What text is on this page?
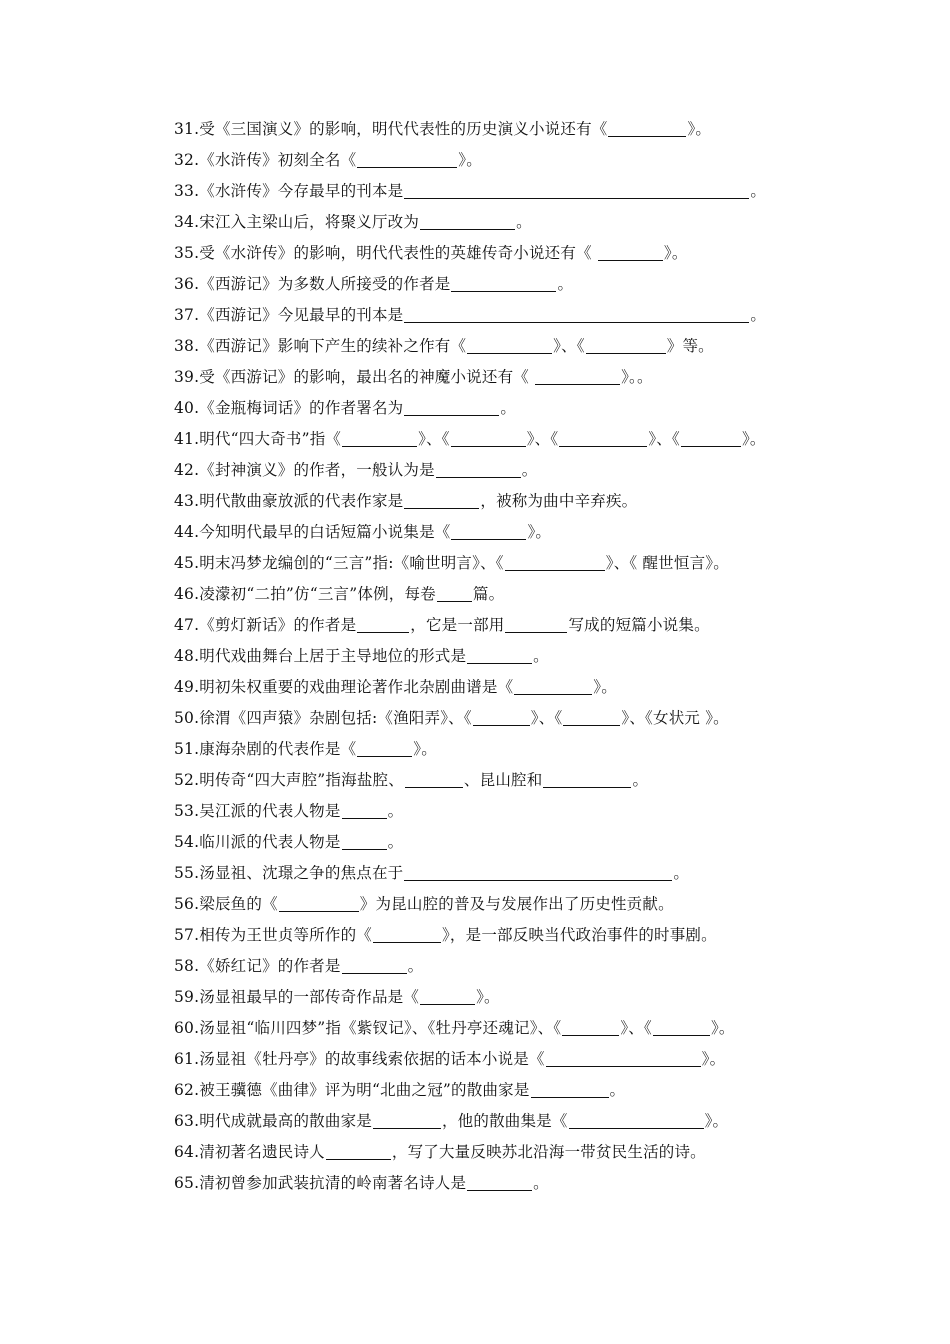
31.受《三国演义》的影响，明代代表性的历史演义小说还有《	》。
32.《水浒传》初刻全名《	》。
33.《水浒传》今存最早的刊本是	。
34.宋江入主梁山后，将聚义厅改为	。
35.受《水浒传》的影响，明代代表性的英雄传奇小说还有《	》。
36.《西游记》为多数人所接受的作者是	。
37.《西游记》今见最早的刊本是	。
38.《西游记》影响下产生的续补之作有《	》、《	》等。
39.受《西游记》的影响，最出名的神魔小说还有《	》。。
40.《金瓶梅词话》的作者署名为	。
41.明代“四大奇书”指《	》、《	》、《	》、《	》。
42.《封神演义》的作者，一般认为是	。
43.明代散曲豪放派的代表作家是	，被称为曲中辛弃疾。
44.今知明代最早的白话短篇小说集是《	》。
45.明末冯梦龙编创的“三言”指:《喻世明言》、《	》、《 醒世恒言》。
46.凌濛初“二拍”仿“三言”体例，每卷 篇。
47.《剪灯新话》的作者是	，它是一部用	写成的短篇小说集。
48.明代戏曲舞台上居于主导地位的形式是	。
49.明初朱权重要的戏曲理论著作北杂剧曲谱是《	》。
50.徐渭《四声猿》杂剧包括:《渔阳弄》、《	》、《	》、《女状元 》。
51.康海杂剧的代表作是《	》。
52.明传奇“四大声腔”指海盐腔、	、昆山腔和	。
53.吴江派的代表人物是	。
54.临川派的代表人物是	。
55.汤显祖、沈璟之争的焦点在于	。
56.梁辰鱼的《	》为昆山腔的普及与发展作出了历史性贡献。
57.相传为王世贞等所作的《	》，是一部反映当代政治事件的时事剧。
58.《娇红记》的作者是	。
59.汤显祖最早的一部传奇作品是《	》。
60.汤显祖“临川四梦”指《紫钗记》、《牡丹亭还魂记》、《	》、《	》。
61.汤显祖《牡丹亭》的故事线索依据的话本小说是《	》。
62.被王骥德《曲律》评为明“北曲之冠”的散曲家是	。
63.明代成就最高的散曲家是	，他的散曲集是《	》。
64.清初著名遗民诗人	，写了大量反映苏北沿海一带贫民生活的诗。
65.清初曾参加武装抗清的岭南著名诗人是	。
